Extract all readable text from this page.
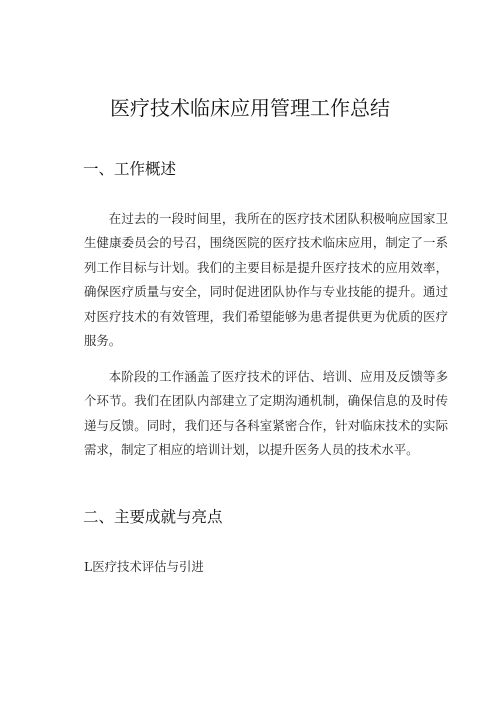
医疗技术临床应用管理工作总结
一、工作概述

在过去的一段时间里，我所在的医疗技术团队积极响应国家卫生健康委员会的号召，围绕医院的医疗技术临床应用，制定了一系列工作目标与计划。我们的主要目标是提升医疗技术的应用效率，确保医疗质量与安全，同时促进团队协作与专业技能的提升。通过对医疗技术的有效管理，我们希望能够为患者提供更为优质的医疗服务。

本阶段的工作涵盖了医疗技术的评估、培训、应用及反馈等多个环节。我们在团队内部建立了定期沟通机制，确保信息的及时传递与反馈。同时，我们还与各科室紧密合作，针对临床技术的实际需求，制定了相应的培训计划，以提升医务人员的技术水平。

二、主要成就与亮点
L医疗技术评估与引进
